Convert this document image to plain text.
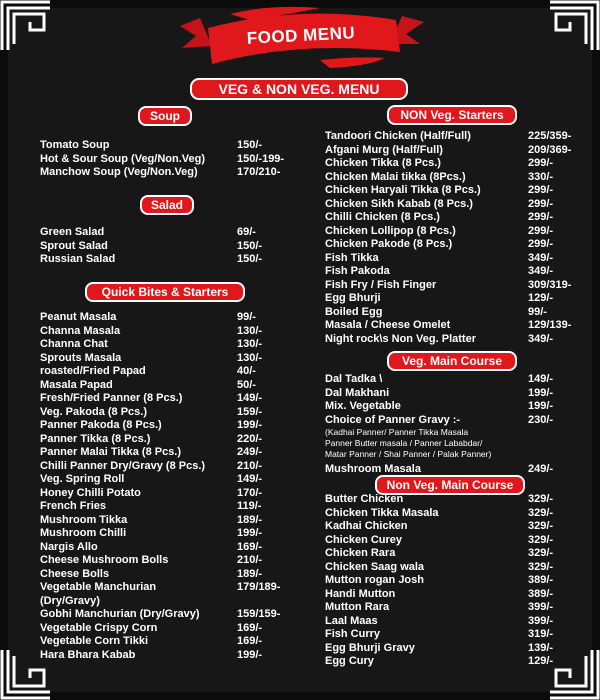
FOOD MENU
VEG & NON VEG. MENU
Soup
Tomato Soup	150/-
Hot & Sour Soup (Veg/Non.Veg)	150/-199-
Manchow Soup (Veg/Non.Veg)	170/210-
Salad
Green Salad	69/-
Sprout Salad	150/-
Russian Salad	150/-
Quick Bites & Starters
Peanut Masala	99/-
Channa Masala	130/-
Channa Chat	130/-
Sprouts Masala	130/-
roasted/Fried Papad	40/-
Masala Papad	50/-
Fresh/Fried Panner (8 Pcs.)	149/-
Veg. Pakoda (8 Pcs.)	159/-
Panner Pakoda (8 Pcs.)	199/-
Panner Tikka (8 Pcs.)	220/-
Panner Malai Tikka (8 Pcs.)	249/-
Chilli Panner Dry/Gravy (8 Pcs.)	210/-
Veg. Spring Roll	149/-
Honey Chilli Potato	170/-
French Fries	119/-
Mushroom Tikka	189/-
Mushroom Chilli	199/-
Nargis Allo	169/-
Cheese Mushroom Bolls	210/-
Cheese Bolls	189/-
Vegetable Manchurian	179/189-
(Dry/Gravy)
Gobhi Manchurian (Dry/Gravy)	159/159-
Vegetable Crispy Corn	169/-
Vegetable Corn Tikki	169/-
Hara Bhara Kabab	199/-
NON Veg. Starters
Tandoori Chicken (Half/Full)	225/359-
Afgani Murg (Half/Full)	209/369-
Chicken Tikka (8 Pcs.)	299/-
Chicken Malai tikka (8Pcs.)	330/-
Chicken Haryali Tikka (8 Pcs.)	299/-
Chicken Sikh Kabab (8 Pcs.)	299/-
Chilli Chicken (8 Pcs.)	299/-
Chicken Lollipop (8 Pcs.)	299/-
Chicken Pakode (8 Pcs.)	299/-
Fish Tikka	349/-
Fish Pakoda	349/-
Fish Fry / Fish Finger	309/319-
Egg Bhurji	129/-
Boiled Egg	99/-
Masala / Cheese Omelet	129/139-
Night rock\s Non Veg. Platter	349/-
Veg. Main Course
Dal Tadka \	149/-
Dal Makhani	199/-
Mix. Vegetable	199/-
Choice of Panner Gravy :-	230/-
(Kadhai Panner/ Panner Tikka Masala
Panner Butter masala / Panner Lababdar/
Matar Panner / Shai Panner / Palak Panner)
Mushroom Masala	249/-
Non Veg. Main Course
Butter Chicken	329/-
Chicken Tikka Masala	329/-
Kadhai Chicken	329/-
Chicken Curey	329/-
Chicken Rara	329/-
Chicken Saag wala	329/-
Mutton rogan Josh	389/-
Handi Mutton	389/-
Mutton Rara	399/-
Laal Maas	399/-
Fish Curry	319/-
Egg Bhurji Gravy	139/-
Egg Cury	129/-
